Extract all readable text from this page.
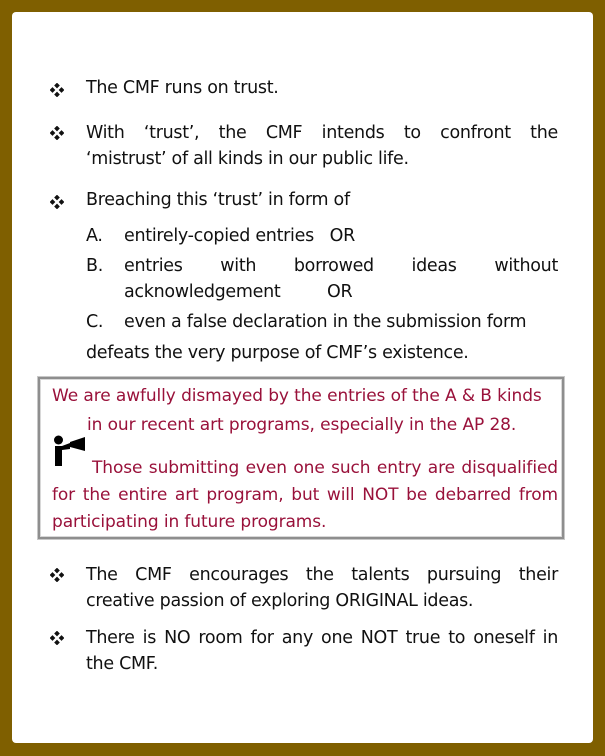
The CMF runs on trust.
With ‘trust’, the CMF intends to confront the
‘mistrust’ of all kinds in our public life.
Breaching this ‘trust’ in form of
A. entirely-copied entries   OR
B. entries with borrowed ideas without
acknowledgement	OR
C. even a false declaration in the submission form
defeats the very purpose of CMF’s existence.
We are awfully dismayed by the entries of the A & B kinds
in our recent art programs, especially in the AP 28.
Those submitting even one such entry are disqualified
for the entire art program, but will NOT be debarred from
participating in future programs.
The CMF encourages the talents pursuing their
creative passion of exploring ORIGINAL ideas.
There is NO room for any one NOT true to oneself in
the CMF.
